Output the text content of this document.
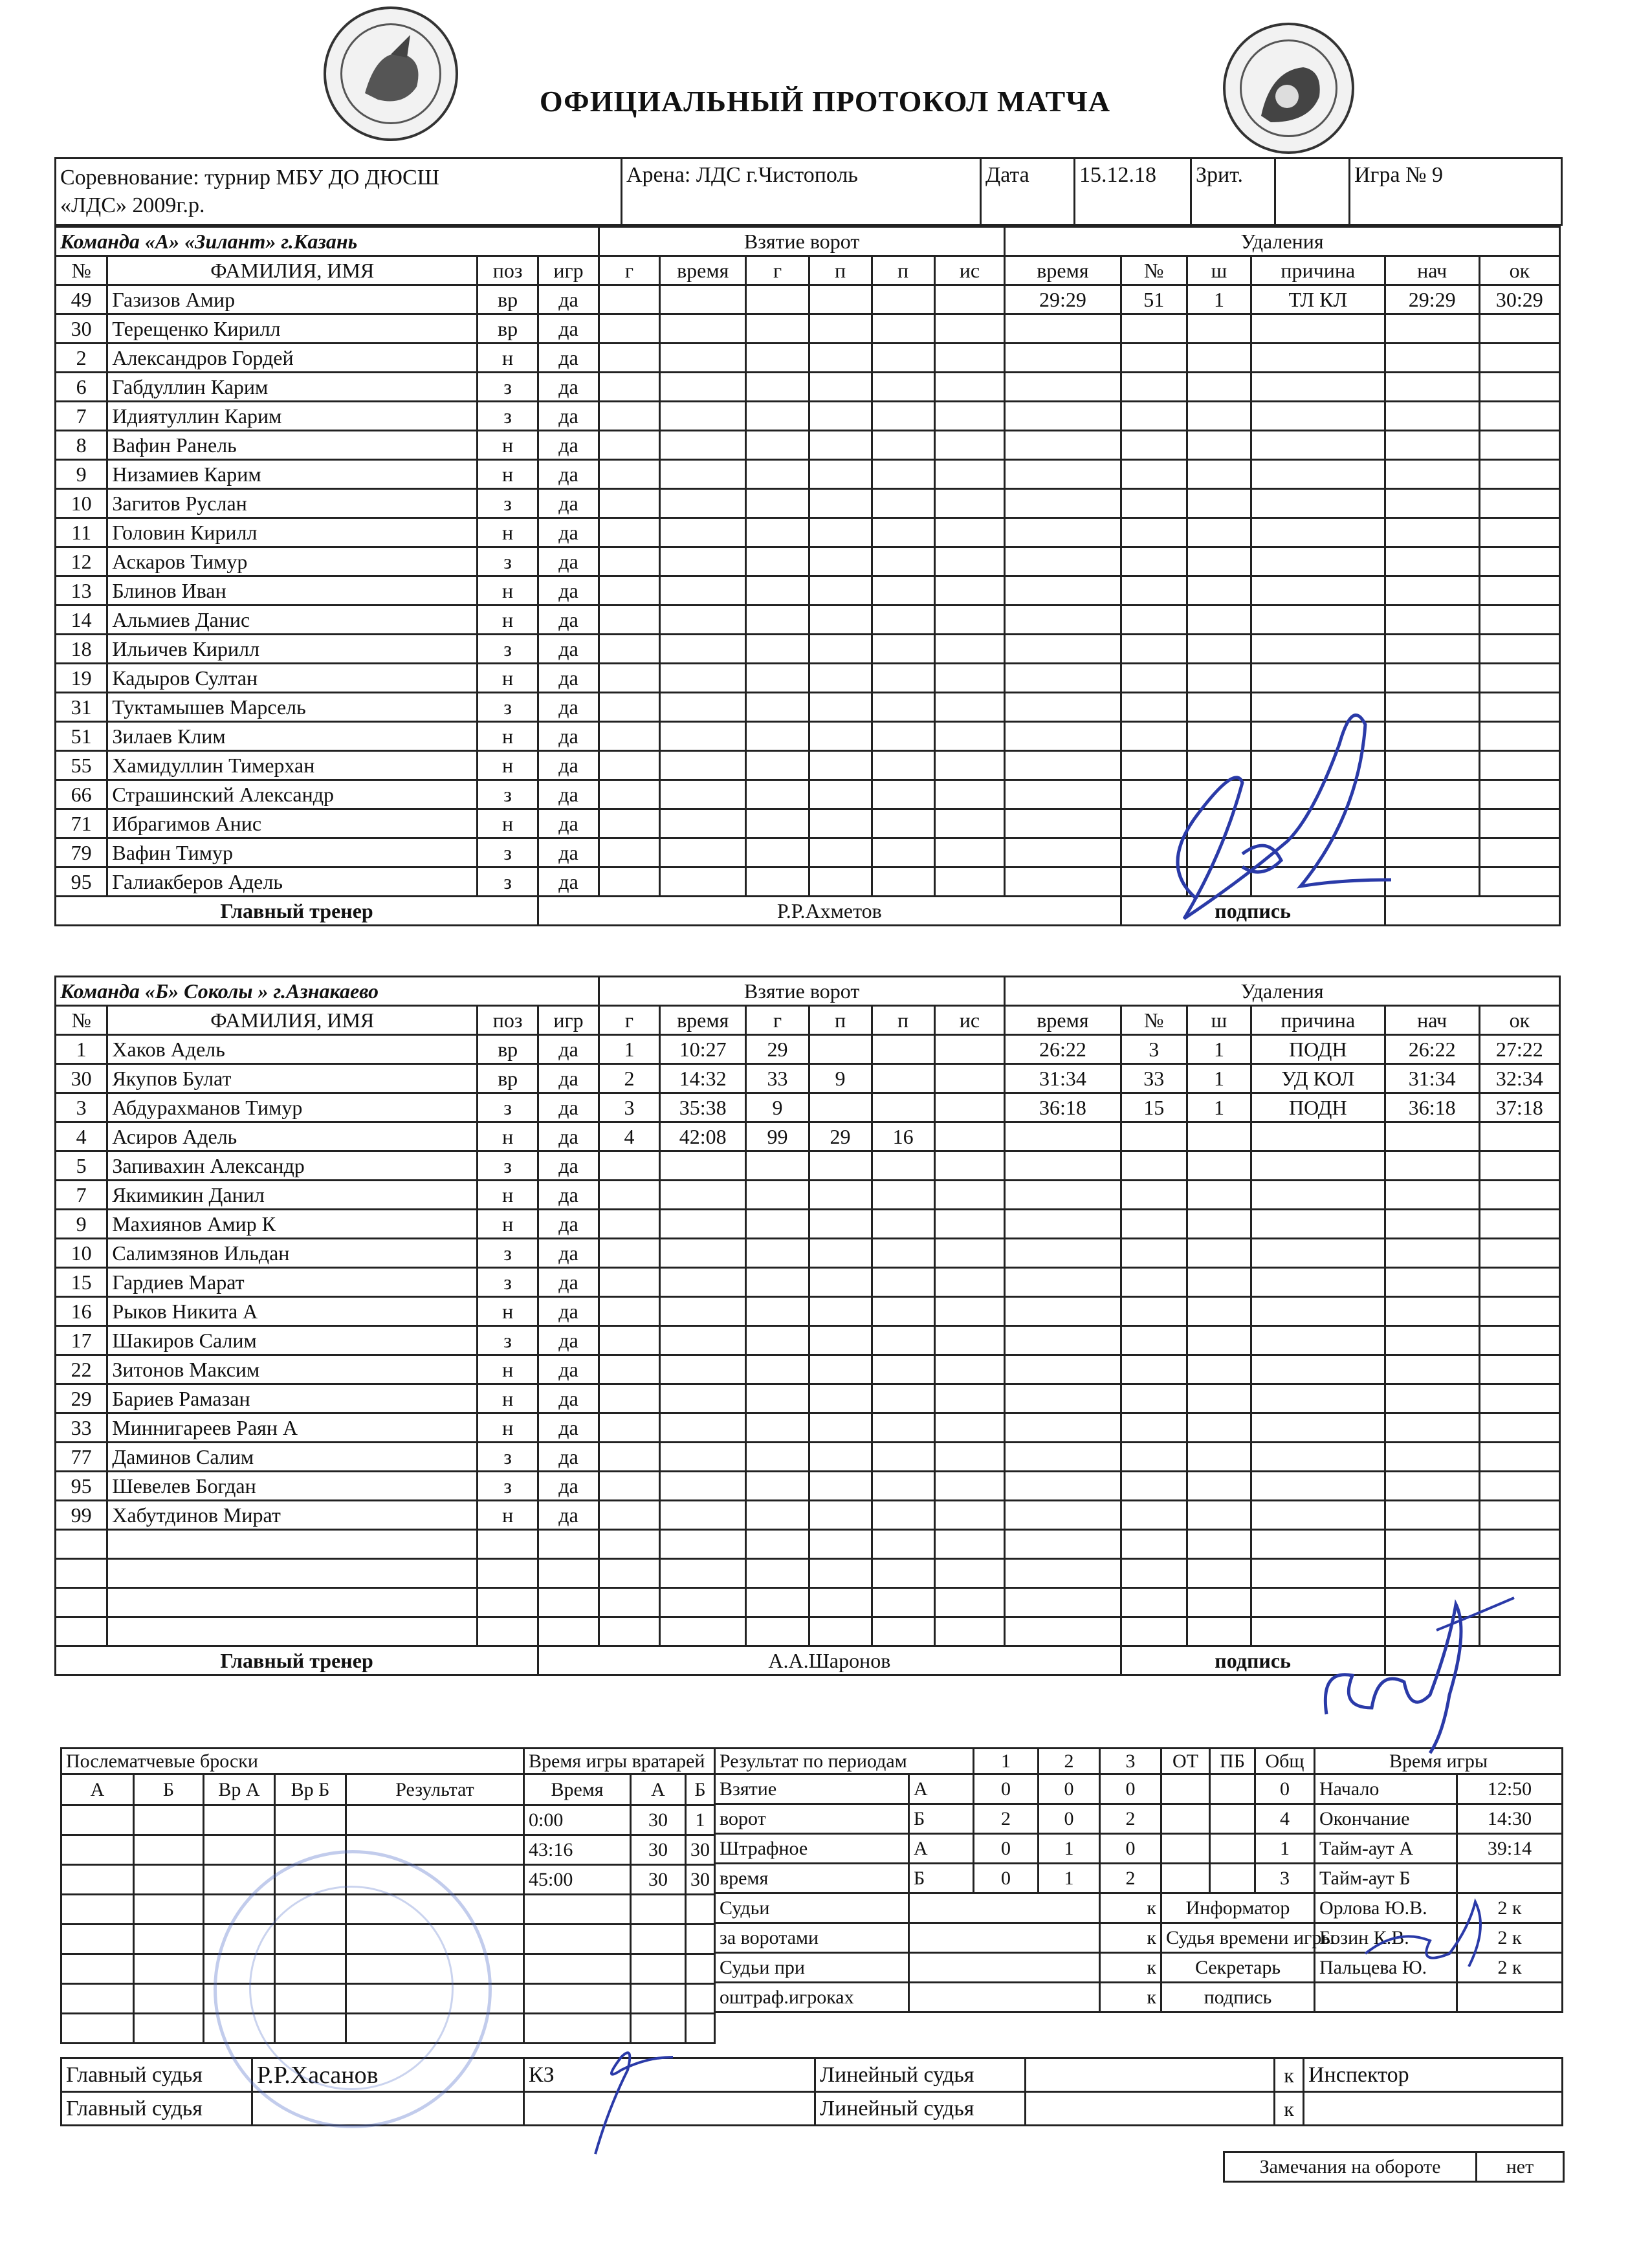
ОФИЦИАЛЬНЫЙ ПРОТОКОЛ МАТЧА
Соревнование: турнир МБУ ДО ДЮСШ
«ЛДС» 2009г.р.
	Арена: ЛДС г.Чистополь	Дата	15.12.18	Зрит.		Игра № 9
Команда «А» «Зилант» г.Казань				Взятие ворот						Удаления					
№	ФАМИЛИЯ, ИМЯ	поз	игр	г	время	г	п	п	ис	время	№	ш	причина	нач	ок
49	Газизов Амир	вр	да							29:29	51	1	ТЛ КЛ	29:29	30:29
30	Терещенко Кирилл	вр	да												
2	Александров Гордей	н	да												
6	Габдуллин Карим	з	да												
7	Идиятуллин Карим	з	да												
8	Вафин Ранель	н	да												
9	Низамиев Карим	н	да												
10	Загитов Руслан	з	да												
11	Головин Кирилл	н	да												
12	Аскаров Тимур	з	да												
13	Блинов Иван	н	да												
14	Альмиев Данис	н	да												
18	Ильичев Кирилл	з	да												
19	Кадыров Султан	н	да												
31	Туктамышев Марсель	з	да												
51	Зилаев Клим	н	да												
55	Хамидуллин Тимерхан	н	да												
66	Страшинский Александр	з	да												
71	Ибрагимов Анис	н	да												
79	Вафин Тимур	з	да												
95	Галиакберов Адель	з	да												
Главный тренер			Р.Р.Ахметов								подпись				
Команда «Б» Соколы » г.Азнакаево				Взятие ворот						Удаления					
№	ФАМИЛИЯ, ИМЯ	поз	игр	г	время	г	п	п	ис	время	№	ш	причина	нач	ок
1	Хаков Адель	вр	да	1	10:27	29				26:22	3	1	ПОДН	26:22	27:22
30	Якупов Булат	вр	да	2	14:32	33	9			31:34	33	1	УД КОЛ	31:34	32:34
3	Абдурахманов Тимур	з	да	3	35:38	9				36:18	15	1	ПОДН	36:18	37:18
4	Асиров Адель	н	да	4	42:08	99	29	16							
5	Запивахин Александр	з	да												
7	Якимикин Данил	н	да												
9	Махиянов Амир К	н	да												
10	Салимзянов Ильдан	з	да												
15	Гардиев Марат	з	да												
16	Рыков Никита А	н	да												
17	Шакиров Салим	з	да												
22	Зитонов Максим	н	да												
29	Бариев Рамазан	н	да												
33	Миннигареев Раян А	н	да												
77	Даминов Салим	з	да												
95	Шевелев Богдан	з	да												
99	Хабутдинов Мират	н	да												

Главный тренер			А.А.Шаронов								подпись				
Послематчевые броски					Время игры вратарей		
А	Б	Вр А	Вр Б	Результат	Время	А	Б
					0:00	30	1
					43:16	30	30
					45:00	30	30

Результат по периодам		1	2	3	ОТ	ПБ	Общ	Время игры	
Взятие	А	0	0	0			0	Начало	12:50
ворот	Б	2	0	2			4	Окончание	14:30
Штрафное	А	0	1	0			1	Тайм-аут А	39:14
время	Б	0	1	2			3	Тайм-аут Б	
Судьи				к	Информатор			Орлова Ю.В.	2 к
за воротами				к	Судья времени игры			Бозин К.В.	2 к
Судьи при				к	Секретарь			Пальцева Ю.	2 к
оштраф.игроках				к	подпись				
Главный судья	Р.Р.Хасанов	КЗ	Линейный судья		к	Инспектор
Главный судья			Линейный судья		к	
Замечания на обороте	нет
